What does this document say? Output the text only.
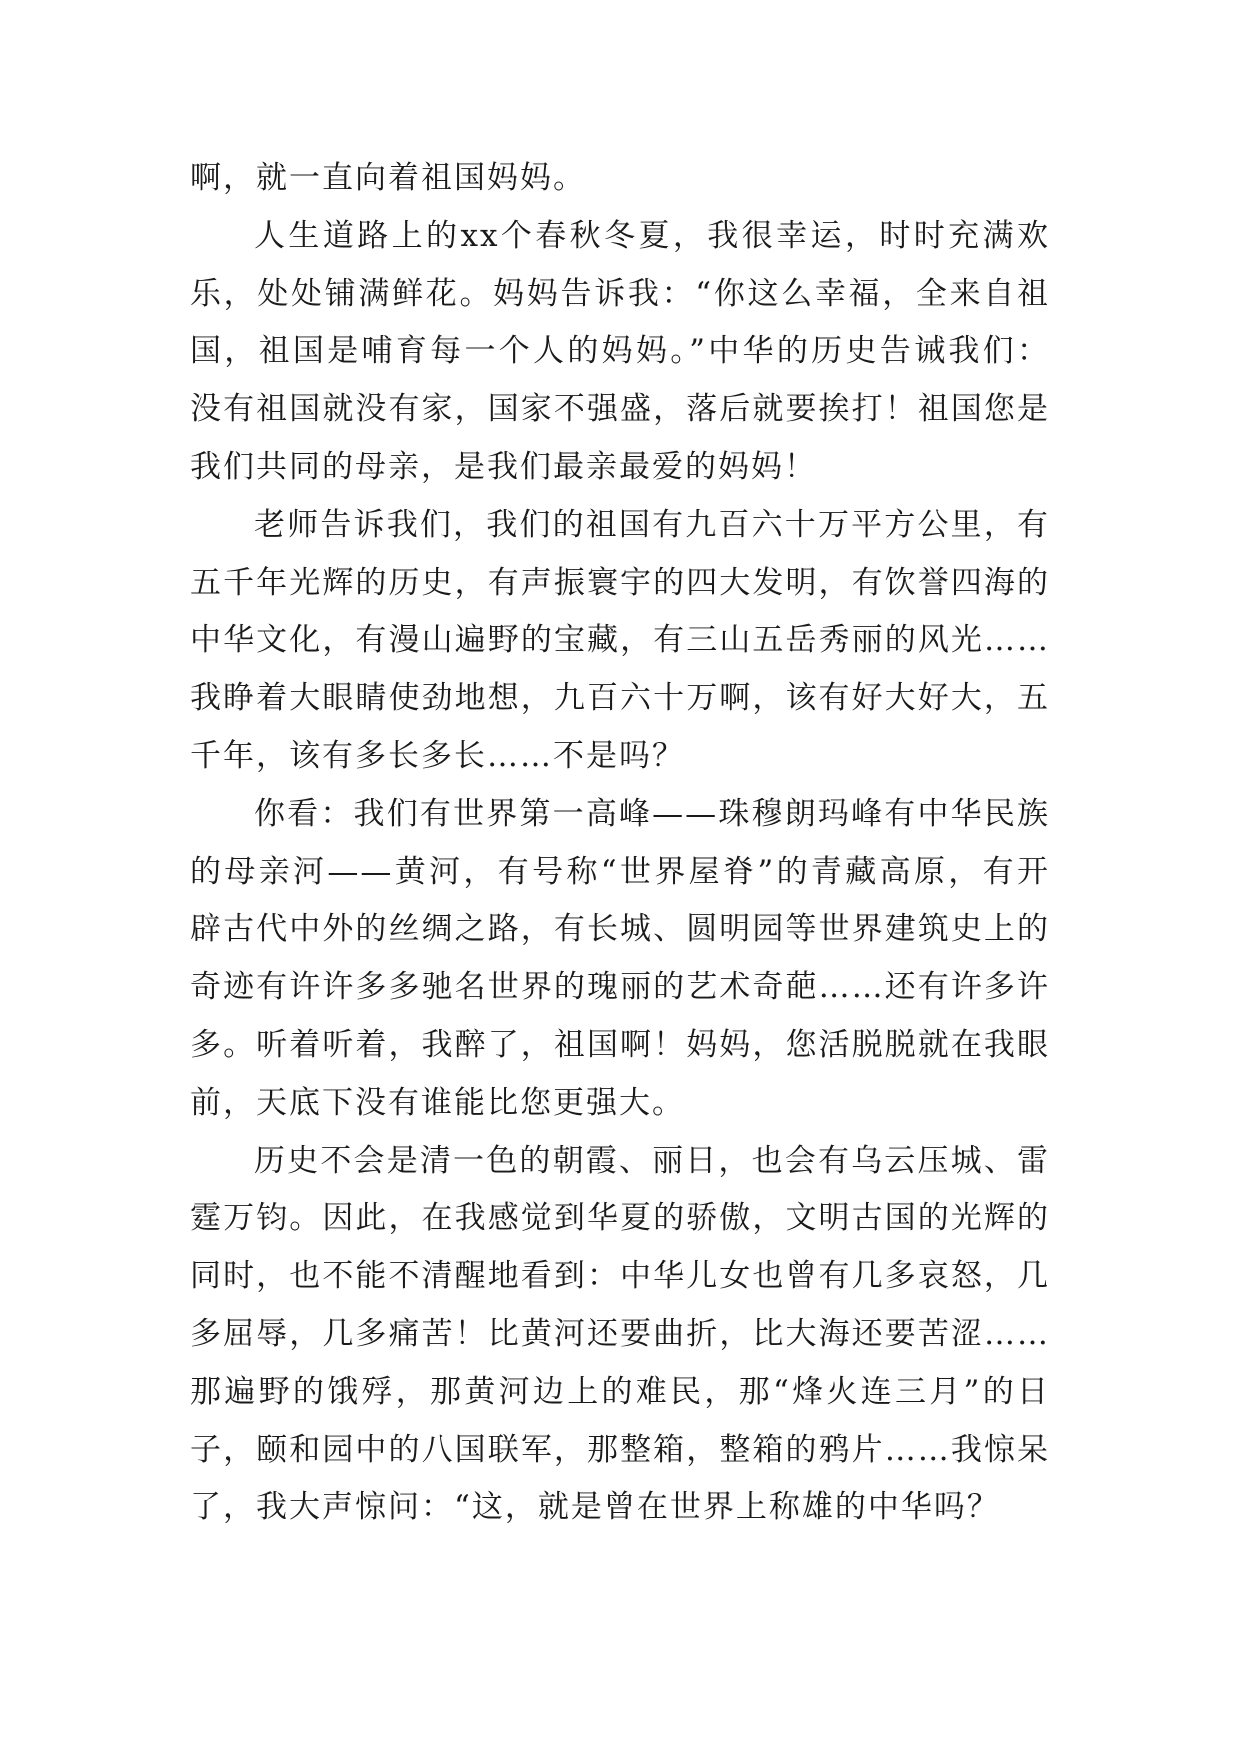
啊，就一直向着祖国妈妈。

人生道路上的xx个春秋冬夏，我很幸运，时时充满欢乐，处处铺满鲜花。妈妈告诉我：“你这么幸福，全来自祖国，祖国是哺育每一个人的妈妈。”中华的历史告诫我们：没有祖国就没有家，国家不强盛，落后就要挨打！祖国您是我们共同的母亲，是我们最亲最爱的妈妈！

老师告诉我们，我们的祖国有九百六十万平方公里，有五千年光辉的历史，有声振寰宇的四大发明，有饮誉四海的中华文化，有漫山遍野的宝藏，有三山五岳秀丽的风光……我睁着大眼睛使劲地想，九百六十万啊，该有好大好大，五千年，该有多长多长……不是吗？

你看：我们有世界第一高峰——珠穆朗玛峰有中华民族的母亲河——黄河，有号称“世界屋脊”的青藏高原，有开辟古代中外的丝绸之路，有长城、圆明园等世界建筑史上的奇迹有许许多多驰名世界的瑰丽的艺术奇葩……还有许多许多。听着听着，我醉了，祖国啊！妈妈，您活脱脱就在我眼前，天底下没有谁能比您更强大。

历史不会是清一色的朝霞、丽日，也会有乌云压城、雷霆万钧。因此，在我感觉到华夏的骄傲，文明古国的光辉的同时，也不能不清醒地看到：中华儿女也曾有几多哀怒，几多屈辱，几多痛苦！比黄河还要曲折，比大海还要苦涩……那遍野的饿殍，那黄河边上的难民，那“烽火连三月”的日子，颐和园中的八国联军，那整箱，整箱的鸦片……我惊呆了，我大声惊问：“这，就是曾在世界上称雄的中华吗？
